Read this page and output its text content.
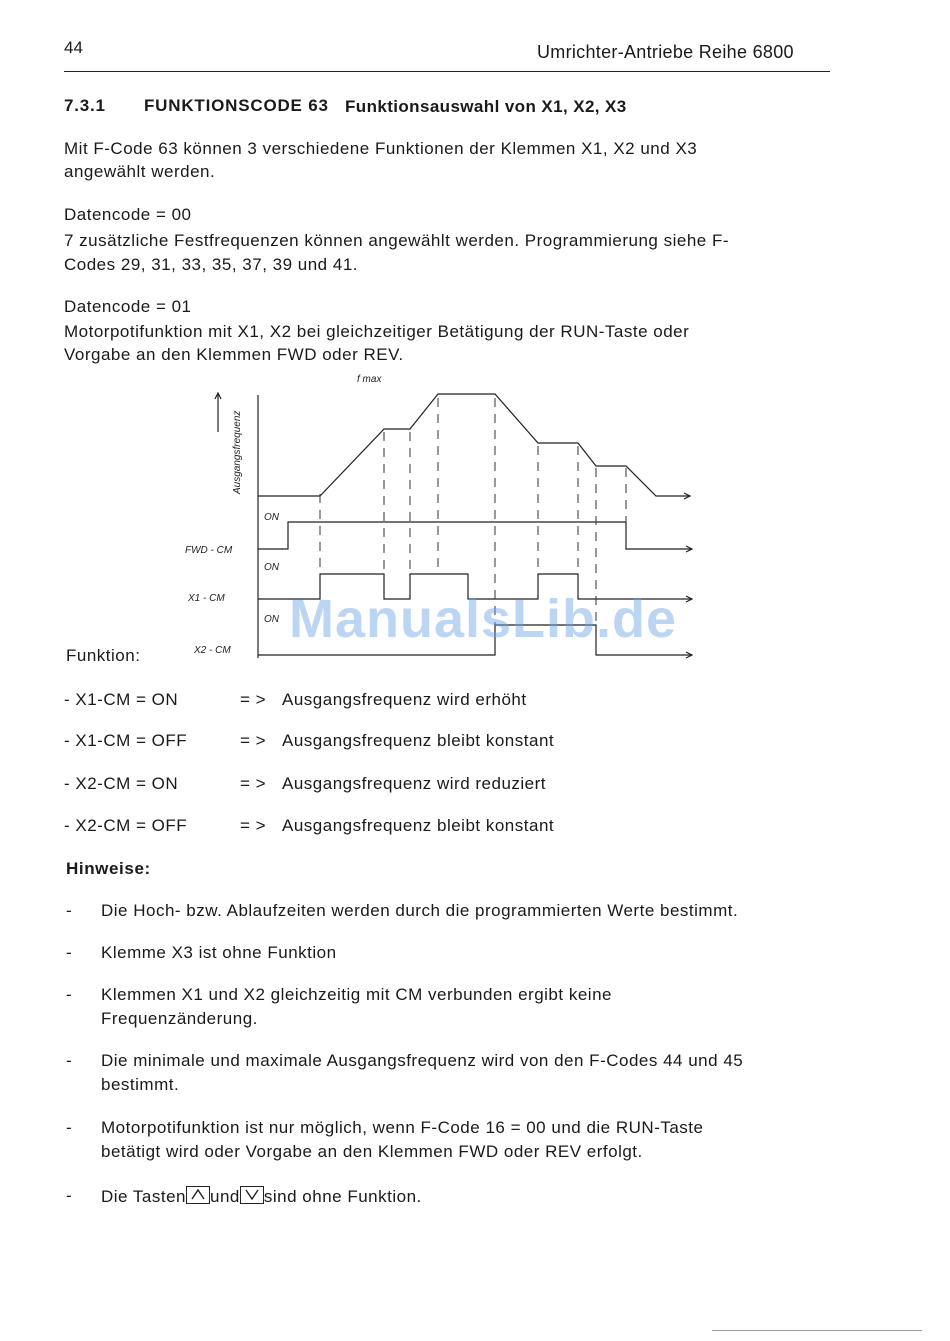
44	Umrichter-Antriebe Reihe 6800
7.3.1 FUNKTIONSCODE 63 Funktionsauswahl von X1, X2, X3
Mit F-Code 63 können 3 verschiedene Funktionen der Klemmen X1, X2 und X3
angewählt werden.
Datencode = 00
7 zusätzliche Festfrequenzen können angewählt werden. Programmierung siehe F-
Codes 29, 31, 33, 35, 37, 39 und 41.
Datencode = 01
Motorpotifunktion mit X1, X2 bei gleichzeitiger Betätigung der RUN-Taste oder
Vorgabe an den Klemmen FWD oder REV.
f max
Ausgangsfrequenz
ON
FWD - CM
ON
X1 - CM
ON
X2 - CM
ManualsLib.de
Funktion:
- X1-CM = ON	= > Ausgangsfrequenz wird erhöht
- X1-CM = OFF	= > Ausgangsfrequenz bleibt konstant
- X2-CM = ON	= > Ausgangsfrequenz wird reduziert
- X2-CM = OFF	= > Ausgangsfrequenz bleibt konstant
Hinweise:
- Die Hoch- bzw. Ablaufzeiten werden durch die programmierten Werte bestimmt.
- Klemme X3 ist ohne Funktion
- Klemmen X1 und X2 gleichzeitig mit CM verbunden ergibt keine
Frequenzänderung.
- Die minimale und maximale Ausgangsfrequenz wird von den F-Codes 44 und 45
bestimmt.
- Motorpotifunktion ist nur möglich, wenn F-Code 16 = 00 und die RUN-Taste
betätigt wird oder Vorgabe an den Klemmen FWD oder REV erfolgt.
- Die Tasten und sind ohne Funktion.
